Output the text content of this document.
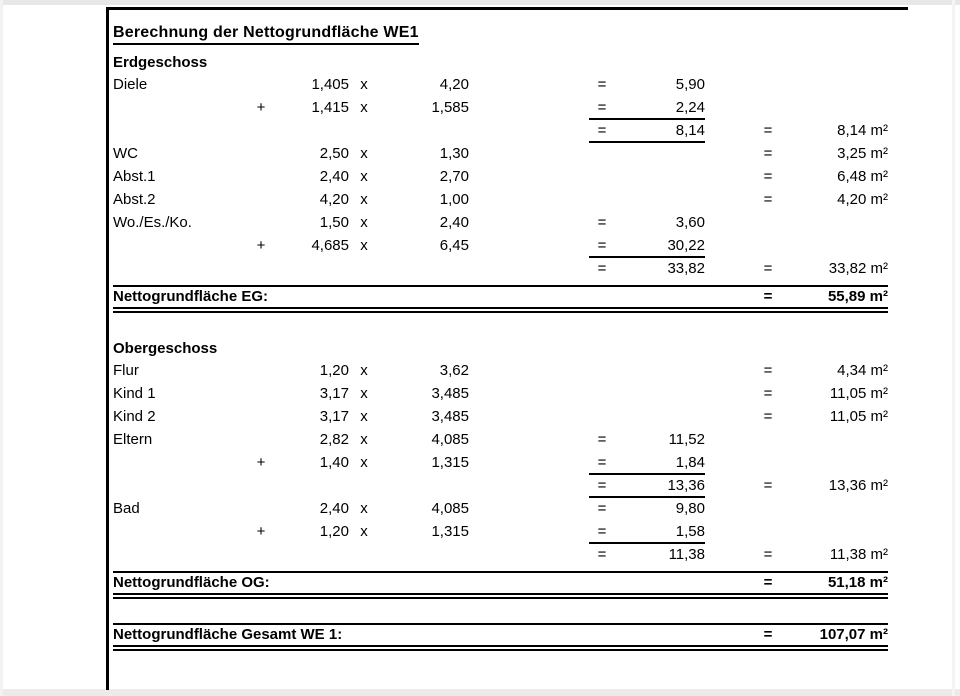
Berechnung der Nettogrundfläche WE1
Erdgeschoss
Diele	1,405 x	4,20	=	5,90
+	1,415 x	1,585	=	2,24
=	8,14	=	8,14 m²
WC	2,50 x	1,30	=	3,25 m²
Abst.1	2,40 x	2,70	=	6,48 m²
Abst.2	4,20 x	1,00	=	4,20 m²
Wo./Es./Ko.	1,50 x	2,40	=	3,60
+	4,685 x	6,45	=	30,22
=	33,82	=	33,82 m²
Nettogrundfläche EG:	=	55,89 m²
Obergeschoss
Flur	1,20 x	3,62	=	4,34 m²
Kind 1	3,17 x	3,485	=	11,05 m²
Kind 2	3,17 x	3,485	=	11,05 m²
Eltern	2,82 x	4,085	=	11,52
+	1,40 x	1,315	=	1,84
=	13,36	=	13,36 m²
Bad	2,40 x	4,085	=	9,80
+	1,20 x	1,315	=	1,58
=	11,38	=	11,38 m²
Nettogrundfläche OG:	=	51,18 m²
Nettogrundfläche Gesamt WE 1:	=	107,07 m²
